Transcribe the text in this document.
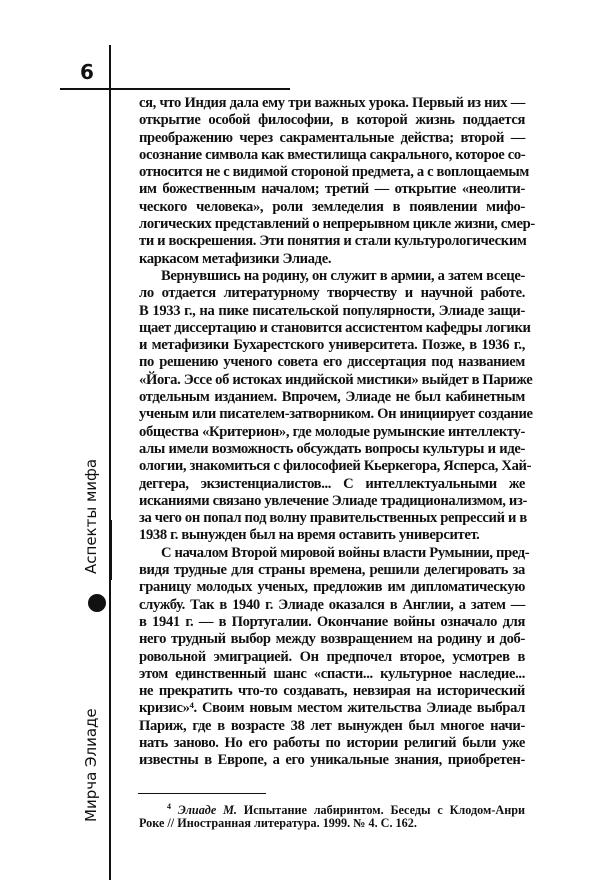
6
Аспекты мифа
Мирча Элиаде
ся, что Индия дала ему три важных урока. Первый из них —
открытие особой философии, в которой жизнь поддается
преображению через сакраментальные действа; второй —
осознание символа как вместилища сакрального, которое со-
относится не с видимой стороной предмета, а с воплощаемым
им божественным началом; третий — открытие «неолити-
ческого человека», роли земледелия в появлении мифо-
логических представлений о непрерывном цикле жизни, смер-
ти и воскрешения. Эти понятия и стали культурологическим
каркасом метафизики Элиаде.
Вернувшись на родину, он служит в армии, а затем всеце-
ло отдается литературному творчеству и научной работе.
В 1933 г., на пике писательской популярности, Элиаде защи-
щает диссертацию и становится ассистентом кафедры логики
и метафизики Бухарестского университета. Позже, в 1936 г.,
по решению ученого совета его диссертация под названием
«Йога. Эссе об истоках индийской мистики» выйдет в Париже
отдельным изданием. Впрочем, Элиаде не был кабинетным
ученым или писателем-затворником. Он инициирует создание
общества «Критерион», где молодые румынские интеллекту-
алы имели возможность обсуждать вопросы культуры и иде-
ологии, знакомиться с философией Кьеркегора, Ясперса, Хай-
деггера, экзистенциалистов... С интеллектуальными же
исканиями связано увлечение Элиаде традиционализмом, из-
за чего он попал под волну правительственных репрессий и в
1938 г. вынужден был на время оставить университет.
С началом Второй мировой войны власти Румынии, пред-
видя трудные для страны времена, решили делегировать за
границу молодых ученых, предложив им дипломатическую
службу. Так в 1940 г. Элиаде оказался в Англии, а затем —
в 1941 г. — в Португалии. Окончание войны означало для
него трудный выбор между возвращением на родину и доб-
ровольной эмиграцией. Он предпочел второе, усмотрев в
этом единственный шанс «спасти... культурное наследие...
не прекратить что-то создавать, невзирая на исторический
кризис»⁴. Своим новым местом жительства Элиаде выбрал
Париж, где в возрасте 38 лет вынужден был многое начи-
нать заново. Но его работы по истории религий были уже
известны в Европе, а его уникальные знания, приобретен-
$^4$ Элиаде М. Испытание лабиринтом. Беседы с Клодом-Анри
Роке // Иностранная литература. 1999. № 4. С. 162.
